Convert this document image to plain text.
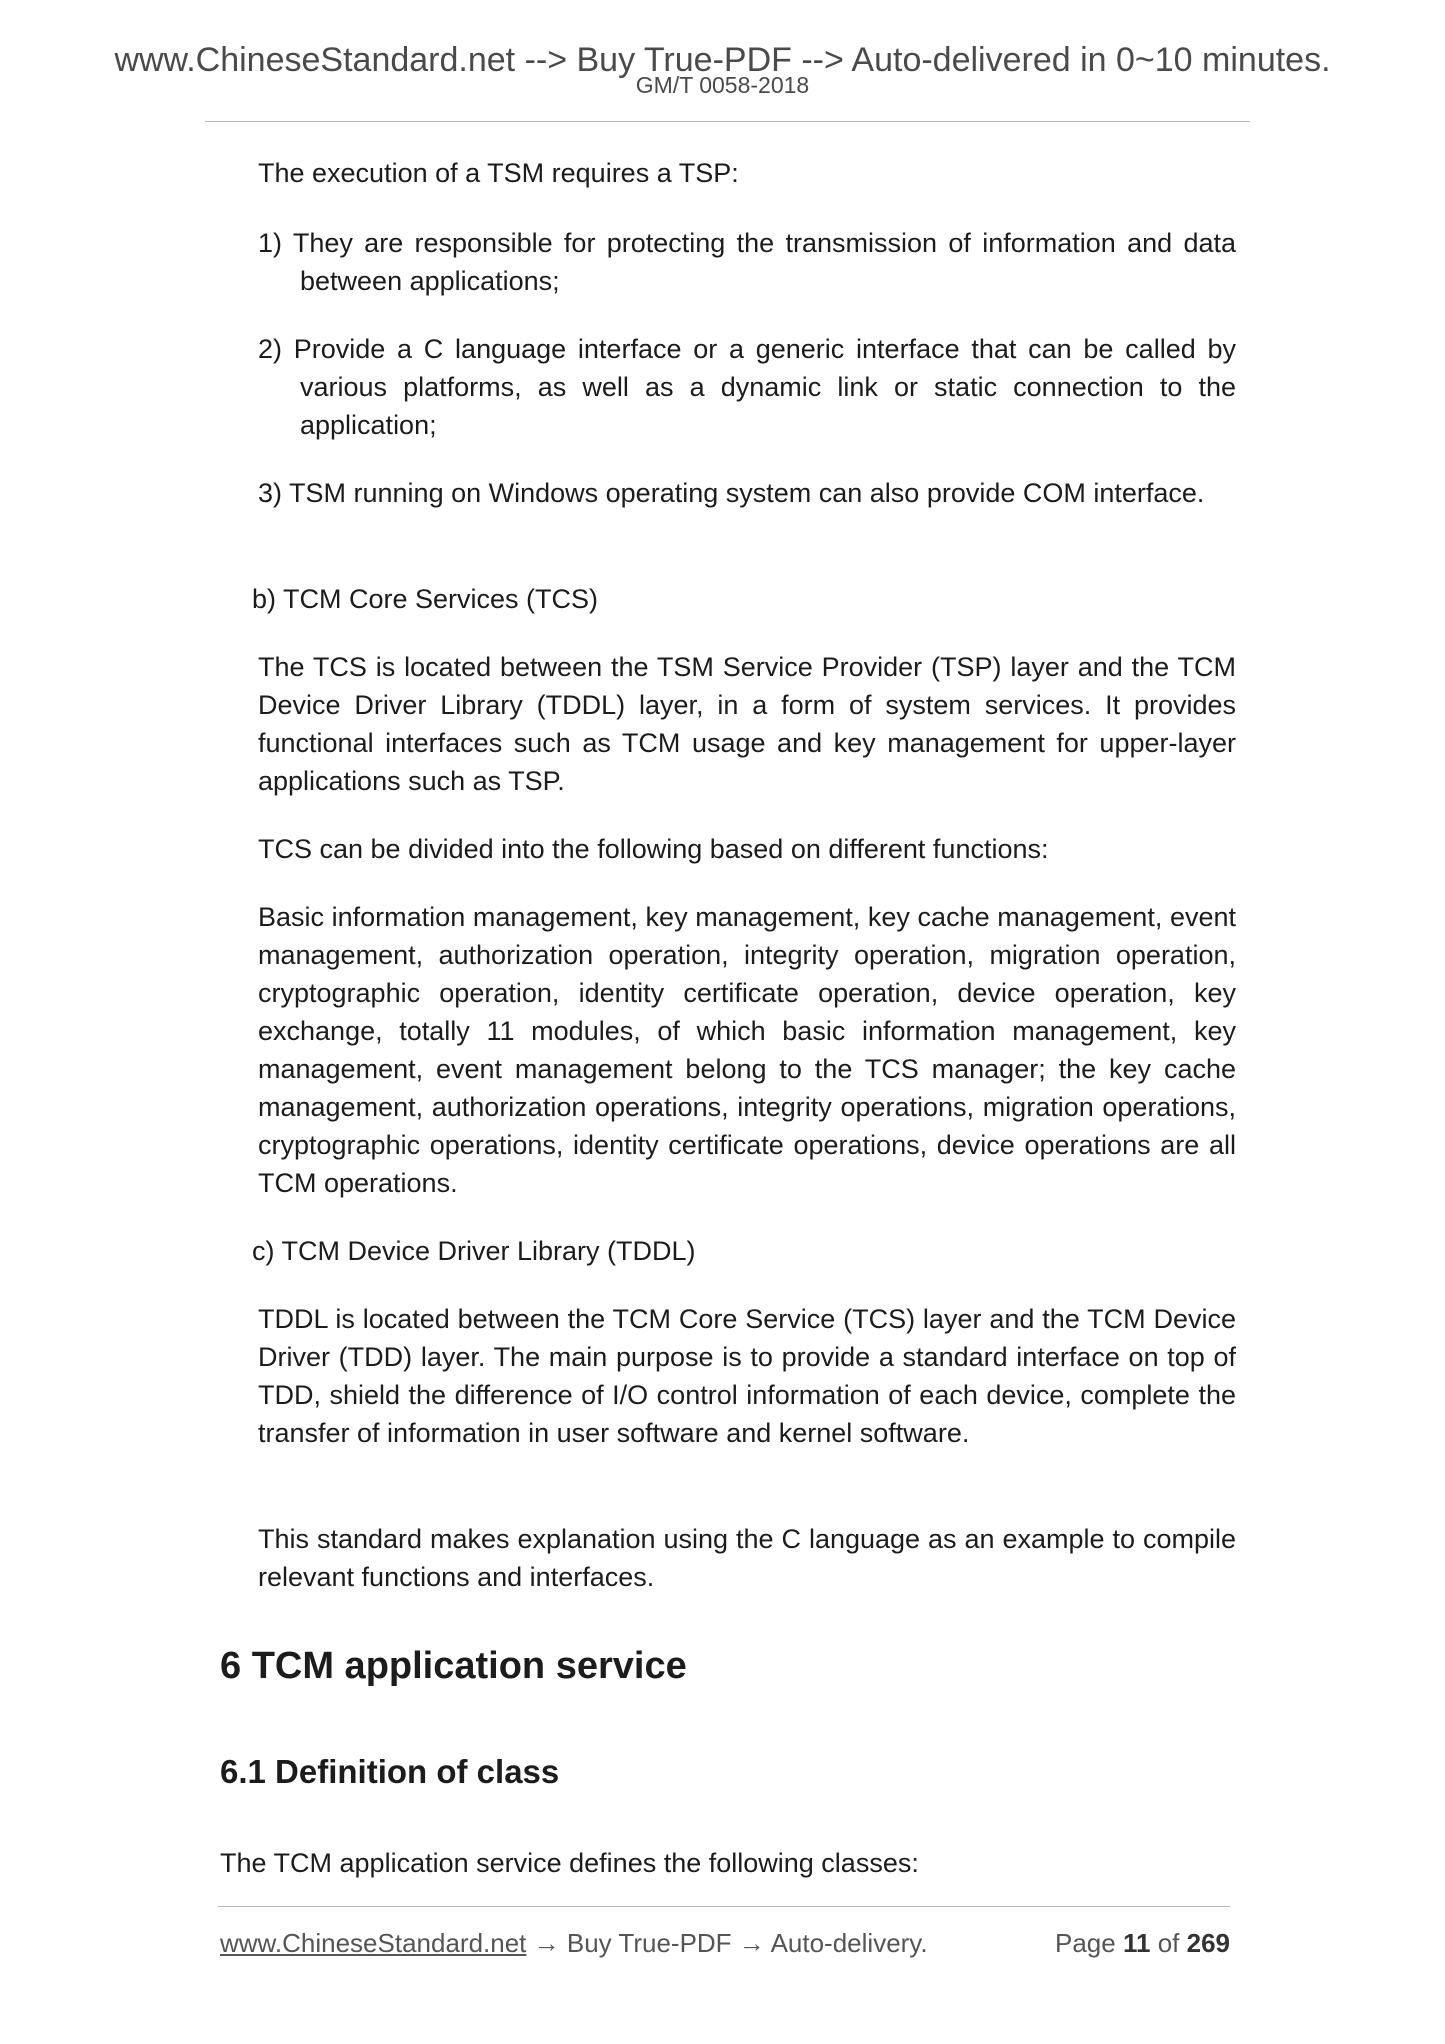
www.ChineseStandard.net --> Buy True-PDF --> Auto-delivered in 0~10 minutes.
GM/T 0058-2018

The execution of a TSM requires a TSP:

1) They are responsible for protecting the transmission of information and data between applications;

2) Provide a C language interface or a generic interface that can be called by various platforms, as well as a dynamic link or static connection to the application;

3) TSM running on Windows operating system can also provide COM interface.

b) TCM Core Services (TCS)

The TCS is located between the TSM Service Provider (TSP) layer and the TCM Device Driver Library (TDDL) layer, in a form of system services. It provides functional interfaces such as TCM usage and key management for upper-layer applications such as TSP.

TCS can be divided into the following based on different functions:

Basic information management, key management, key cache management, event management, authorization operation, integrity operation, migration operation, cryptographic operation, identity certificate operation, device operation, key exchange, totally 11 modules, of which basic information management, key management, event management belong to the TCS manager; the key cache management, authorization operations, integrity operations, migration operations, cryptographic operations, identity certificate operations, device operations are all TCM operations.

c) TCM Device Driver Library (TDDL)

TDDL is located between the TCM Core Service (TCS) layer and the TCM Device Driver (TDD) layer. The main purpose is to provide a standard interface on top of TDD, shield the difference of I/O control information of each device, complete the transfer of information in user software and kernel software.

This standard makes explanation using the C language as an example to compile relevant functions and interfaces.

6 TCM application service
6.1 Definition of class

The TCM application service defines the following classes:

www.ChineseStandard.net → Buy True-PDF → Auto-delivery.	Page 11 of 269
